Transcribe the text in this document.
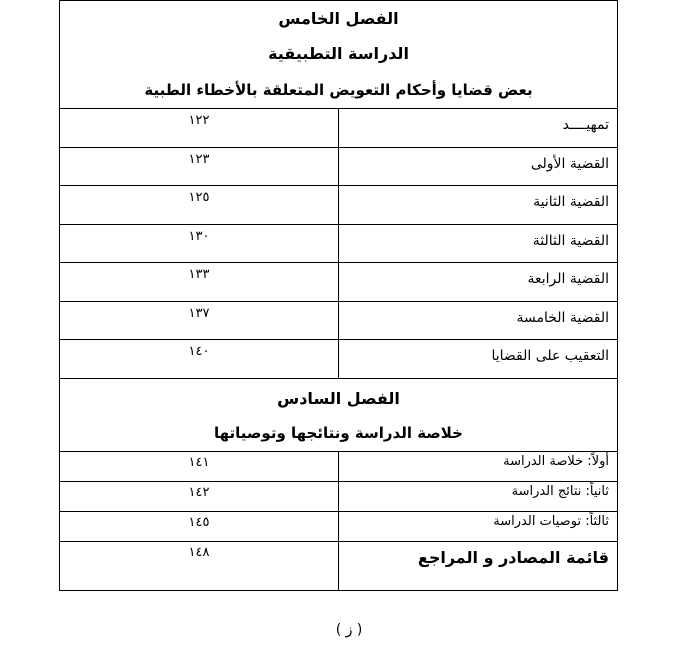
الفصل الخامس
الدراسة التطبيقية
بعض قضايا وأحكام التعويض المتعلقة بالأخطاء الطبية	

١٢٢	تمهيــــد
١٢٣	القضية الأولى
١٢٥	القضية الثانية
١٣٠	القضية الثالثة
١٣٣	القضية الرابعة
١٣٧	القضية الخامسة
١٤٠	التعقيب على القضايا

الفصل السادس
خلاصة الدراسة ونتائجها وتوصياتها	

١٤١	أولاً: خلاصة الدراسة
١٤٢	ثانياً: نتائج الدراسة
١٤٥	ثالثاً: توصيات الدراسة
١٤٨	قائمة المصادر و المراجع
( ز )
